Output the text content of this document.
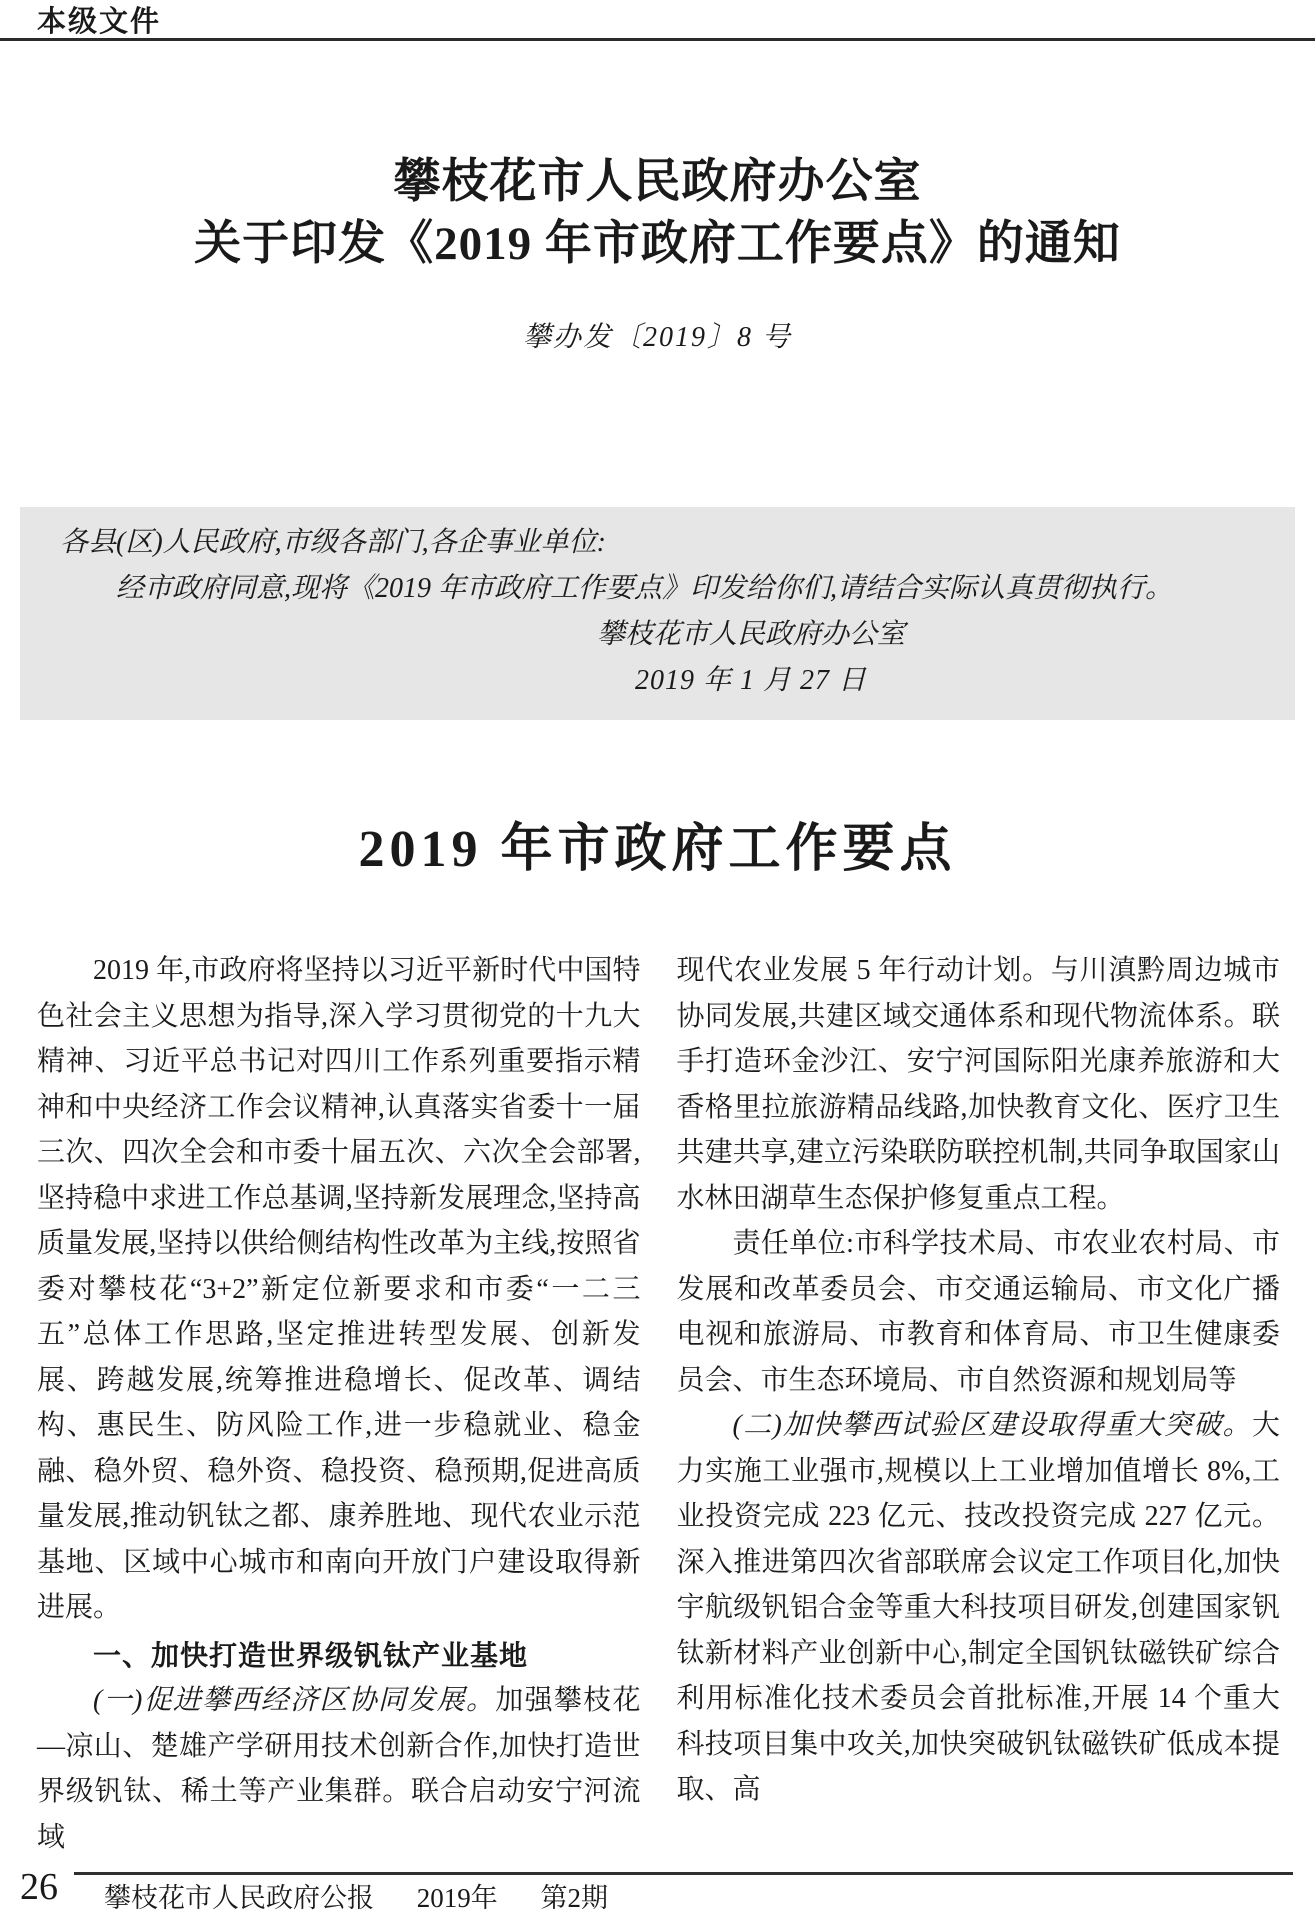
本级文件
攀枝花市人民政府办公室
关于印发《2019 年市政府工作要点》的通知
攀办发〔2019〕8 号

各县(区)人民政府,市级各部门,各企事业单位:

经市政府同意,现将《2019 年市政府工作要点》印发给你们,请结合实际认真贯彻执行。

攀枝花市人民政府办公室
2019 年 1 月 27 日
2019 年市政府工作要点

2019 年,市政府将坚持以习近平新时代中国特色社会主义思想为指导,深入学习贯彻党的十九大精神、习近平总书记对四川工作系列重要指示精神和中央经济工作会议精神,认真落实省委十一届三次、四次全会和市委十届五次、六次全会部署,坚持稳中求进工作总基调,坚持新发展理念,坚持高质量发展,坚持以供给侧结构性改革为主线,按照省委对攀枝花“3+2”新定位新要求和市委“一二三五”总体工作思路,坚定推进转型发展、创新发展、跨越发展,统筹推进稳增长、促改革、调结构、惠民生、防风险工作,进一步稳就业、稳金融、稳外贸、稳外资、稳投资、稳预期,促进高质量发展,推动钒钛之都、康养胜地、现代农业示范基地、区域中心城市和南向开放门户建设取得新进展。

一、加快打造世界级钒钛产业基地

(一)促进攀西经济区协同发展。加强攀枝花—凉山、楚雄产学研用技术创新合作,加快打造世界级钒钛、稀土等产业集群。联合启动安宁河流域

现代农业发展 5 年行动计划。与川滇黔周边城市协同发展,共建区域交通体系和现代物流体系。联手打造环金沙江、安宁河国际阳光康养旅游和大香格里拉旅游精品线路,加快教育文化、医疗卫生共建共享,建立污染联防联控机制,共同争取国家山水林田湖草生态保护修复重点工程。

责任单位:市科学技术局、市农业农村局、市发展和改革委员会、市交通运输局、市文化广播电视和旅游局、市教育和体育局、市卫生健康委员会、市生态环境局、市自然资源和规划局等

(二)加快攀西试验区建设取得重大突破。大力实施工业强市,规模以上工业增加值增长 8%,工业投资完成 223 亿元、技改投资完成 227 亿元。深入推进第四次省部联席会议定工作项目化,加快宇航级钒铝合金等重大科技项目研发,创建国家钒钛新材料产业创新中心,制定全国钒钛磁铁矿综合利用标准化技术委员会首批标准,开展 14 个重大科技项目集中攻关,加快突破钒钛磁铁矿低成本提取、高

26	攀枝花市人民政府公报 2019年 第2期
